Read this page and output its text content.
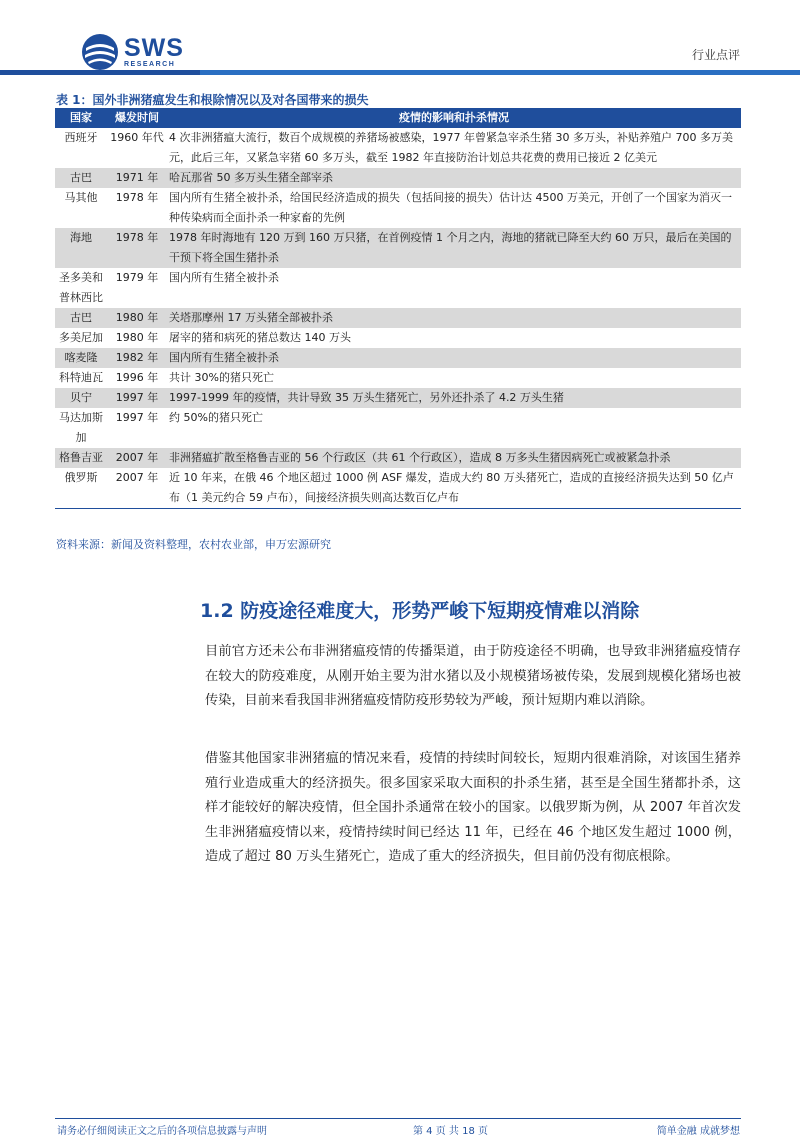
SWS
RESEARCH
行业点评
表 1：国外非洲猪瘟发生和根除情况以及对各国带来的损失
国家	爆发时间	疫情的影响和扑杀情况
西班牙	1960 年代	4 次非洲猪瘟大流行，数百个成规模的养猪场被感染，1977 年曾紧急宰杀生猪 30 多万头，补贴养殖户 700 多万美元，此后三年，又紧急宰猪 60 多万头，截至 1982 年直接防治计划总共花费的费用已接近 2 亿美元
古巴	1971 年	哈瓦那省 50 多万头生猪全部宰杀
马其他	1978 年	国内所有生猪全被扑杀，给国民经济造成的损失（包括间接的损失）估计达 4500 万美元，开创了一个国家为消灭一种传染病而全面扑杀一种家畜的先例
海地	1978 年	1978 年时海地有 120 万到 160 万只猪，在首例疫情 1 个月之内，海地的猪就已降至大约 60 万只，最后在美国的干预下将全国生猪扑杀
圣多美和普林西比	1979 年	国内所有生猪全被扑杀
古巴	1980 年	关塔那摩州 17 万头猪全部被扑杀
多美尼加	1980 年	屠宰的猪和病死的猪总数达 140 万头
喀麦隆	1982 年	国内所有生猪全被扑杀
科特迪瓦	1996 年	共计 30%的猪只死亡
贝宁	1997 年	1997-1999 年的疫情，共计导致 35 万头生猪死亡，另外还扑杀了 4.2 万头生猪
马达加斯加	1997 年	约 50%的猪只死亡
格鲁吉亚	2007 年	非洲猪瘟扩散至格鲁吉亚的 56 个行政区（共 61 个行政区），造成 8 万多头生猪因病死亡或被紧急扑杀
俄罗斯	2007 年	近 10 年来，在俄 46 个地区超过 1000 例 ASF 爆发，造成大约 80 万头猪死亡，造成的直接经济损失达到 50 亿卢布（1 美元约合 59 卢布），间接经济损失则高达数百亿卢布
资料来源：新闻及资料整理，农村农业部，申万宏源研究
1.2 防疫途径难度大，形势严峻下短期疫情难以消除
目前官方还未公布非洲猪瘟疫情的传播渠道，由于防疫途径不明确，也导致非洲猪瘟疫情存在较大的防疫难度，从刚开始主要为泔水猪以及小规模猪场被传染，发展到规模化猪场也被传染，目前来看我国非洲猪瘟疫情防疫形势较为严峻，预计短期内难以消除。
借鉴其他国家非洲猪瘟的情况来看，疫情的持续时间较长，短期内很难消除，对该国生猪养殖行业造成重大的经济损失。很多国家采取大面积的扑杀生猪，甚至是全国生猪都扑杀，这样才能较好的解决疫情，但全国扑杀通常在较小的国家。以俄罗斯为例，从 2007 年首次发生非洲猪瘟疫情以来，疫情持续时间已经达 11 年，已经在 46 个地区发生超过 1000 例，造成了超过 80 万头生猪死亡，造成了重大的经济损失，但目前仍没有彻底根除。
请务必仔细阅读正文之后的各项信息披露与声明	第 4 页 共 18 页	简单金融 成就梦想
